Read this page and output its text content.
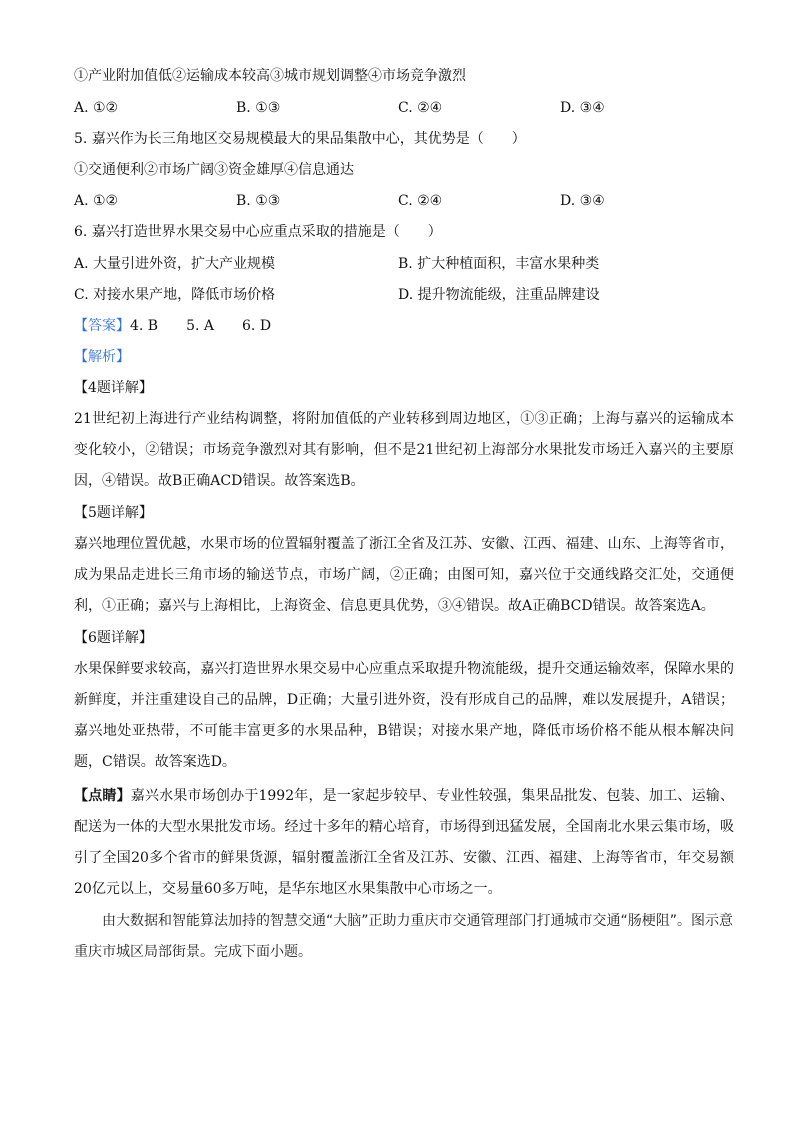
①产业附加值低②运输成本较高③城市规划调整④市场竞争激烈
A. ①②	B. ①③	C. ②④	D. ③④
5. 嘉兴作为长三角地区交易规模最大的果品集散中心，其优势是（　　）
①交通便利②市场广阔③资金雄厚④信息通达
A. ①②	B. ①③	C. ②④	D. ③④
6. 嘉兴打造世界水果交易中心应重点采取的措施是（　　）
A. 大量引进外资，扩大产业规模	B. 扩大种植面积，丰富水果种类
C. 对接水果产地，降低市场价格	D. 提升物流能级，注重品牌建设
【答案】4. B　　5. A　　6. D
【解析】
【4题详解】
21世纪初上海进行产业结构调整，将附加值低的产业转移到周边地区，①③正确；上海与嘉兴的运输成本变化较小，②错误；市场竞争激烈对其有影响，但不是21世纪初上海部分水果批发市场迁入嘉兴的主要原因，④错误。故B正确ACD错误。故答案选B。
【5题详解】
嘉兴地理位置优越，水果市场的位置辐射覆盖了浙江全省及江苏、安徽、江西、福建、山东、上海等省市，成为果品走进长三角市场的输送节点，市场广阔，②正确；由图可知，嘉兴位于交通线路交汇处，交通便利，①正确；嘉兴与上海相比，上海资金、信息更具优势，③④错误。故A正确BCD错误。故答案选A。
【6题详解】
水果保鲜要求较高，嘉兴打造世界水果交易中心应重点采取提升物流能级，提升交通运输效率，保障水果的新鲜度，并注重建设自己的品牌，D正确；大量引进外资，没有形成自己的品牌，难以发展提升，A错误；嘉兴地处亚热带，不可能丰富更多的水果品种，B错误；对接水果产地，降低市场价格不能从根本解决问题，C错误。故答案选D。
【点睛】嘉兴水果市场创办于1992年，是一家起步较早、专业性较强，集果品批发、包装、加工、运输、配送为一体的大型水果批发市场。经过十多年的精心培育，市场得到迅猛发展，全国南北水果云集市场，吸引了全国20多个省市的鲜果货源，辐射覆盖浙江全省及江苏、安徽、江西、福建、上海等省市，年交易额20亿元以上，交易量60多万吨，是华东地区水果集散中心市场之一。
由大数据和智能算法加持的智慧交通“大脑”正助力重庆市交通管理部门打通城市交通“肠梗阻”。图示意重庆市城区局部街景。完成下面小题。
